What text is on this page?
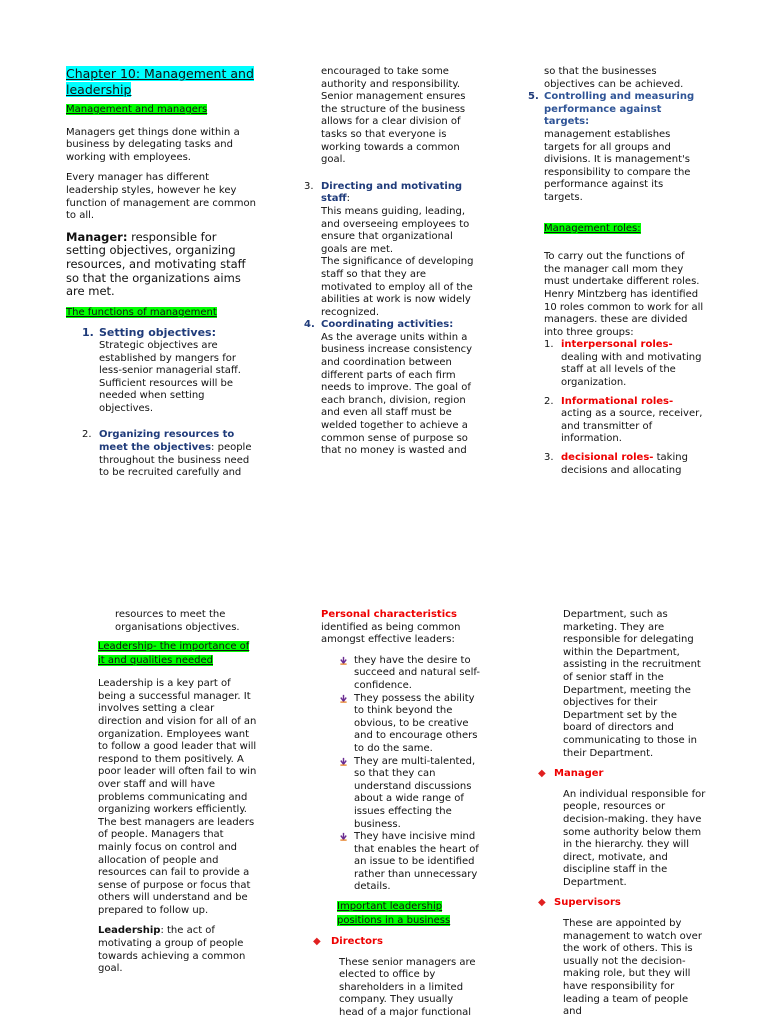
Chapter 10: Management and leadership

Management and managers

Managers get things done within a business by delegating tasks and working with employees.

Every manager has different leadership styles, however he key function of management are common to all.

Manager: responsible for setting objectives, organizing resources, and motivating staff so that the organizations aims are met.

The functions of management

1. Setting objectives:

Strategic objectives are established by mangers for less-senior managerial staff. Sufficient resources will be needed when setting objectives.

2. Organizing resources to meet the objectives: people throughout the business need to be recruited carefully and

encouraged to take some authority and responsibility. Senior management ensures the structure of the business allows for a clear division of tasks so that everyone is working towards a common goal.

3. Directing and motivating staff:

This means guiding, leading, and overseeing employees to ensure that organizational goals are met.

The significance of developing staff so that they are motivated to employ all of the abilities at work is now widely recognized.

4. Coordinating activities:

As the average units within a business increase consistency and coordination between different parts of each firm needs to improve. The goal of each branch, division, region and even all staff must be welded together to achieve a common sense of purpose so that no money is wasted and

so that the businesses objectives can be achieved.

5. Controlling and measuring performance against targets:

management establishes targets for all groups and divisions. It is management's responsibility to compare the performance against its targets.

Management roles:

To carry out the functions of the manager call mom they must undertake different roles. Henry Mintzberg has identified 10 roles common to work for all managers. these are divided into three groups:

1. interpersonal roles-

dealing with and motivating staff at all levels of the organization.

2. Informational roles-

acting as a source, receiver, and transmitter of information.

3. decisional roles- taking decisions and allocating

resources to meet the organisations objectives.

Leadership- the importance of it and qualities needed

Leadership is a key part of being a successful manager. It involves setting a clear direction and vision for all of an organization. Employees want to follow a good leader that will respond to them positively. A poor leader will often fail to win over staff and will have problems communicating and organizing workers efficiently. The best managers are leaders of people. Managers that mainly focus on control and allocation of people and resources can fail to provide a sense of purpose or focus that others will understand and be prepared to follow up.

Leadership: the act of motivating a group of people towards achieving a common goal.

Personal characteristics

identified as being common amongst effective leaders:

they have the desire to succeed and natural self-confidence.
They possess the ability to think beyond the obvious, to be creative and to encourage others to do the same.
They are multi-talented, so that they can understand discussions about a wide range of issues effecting the business.
They have incisive mind that enables the heart of an issue to be identified rather than unnecessary details.

Important leadership positions in a business

◆ Directors

These senior managers are elected to office by shareholders in a limited company. They usually head of a major functional

Department, such as marketing. They are responsible for delegating within the Department, assisting in the recruitment of senior staff in the Department, meeting the objectives for their Department set by the board of directors and communicating to those in their Department.

◆ Manager

An individual responsible for people, resources or decision-making. they have some authority below them in the hierarchy. they will direct, motivate, and discipline staff in the Department.

◆ Supervisors

These are appointed by management to watch over the work of others. This is usually not the decision-making role, but they will have responsibility for leading a team of people and
